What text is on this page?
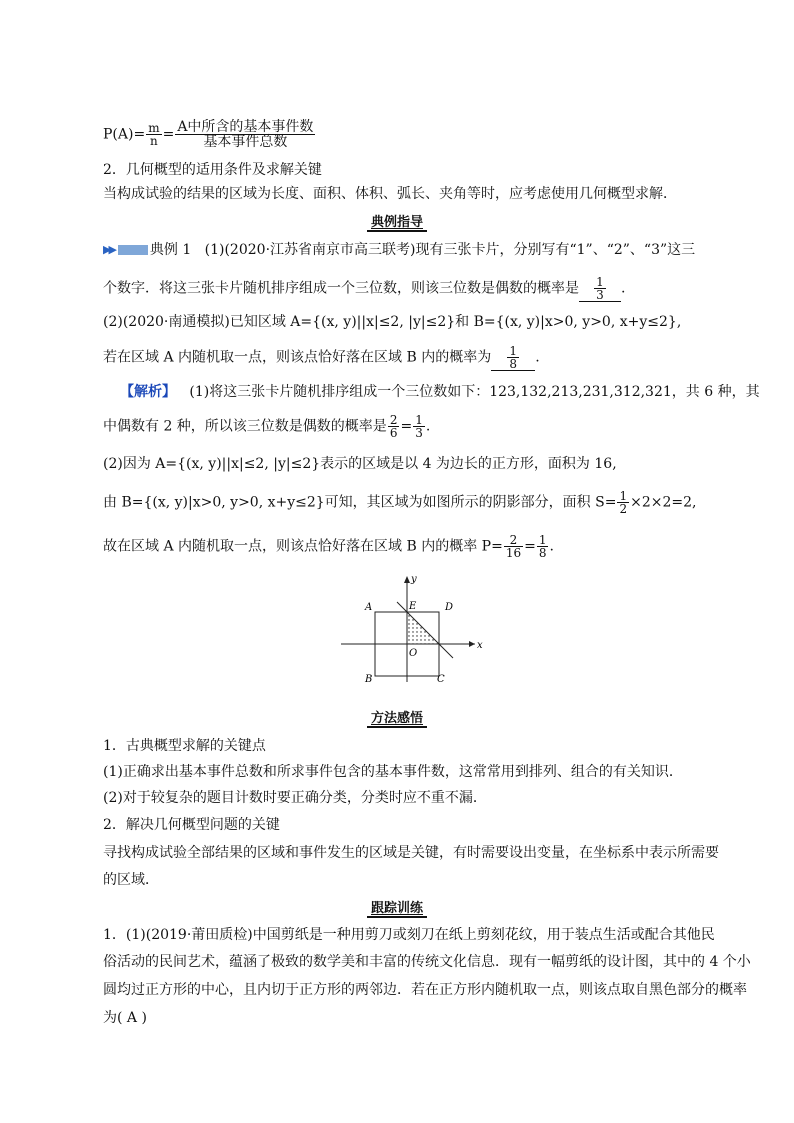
$P(A)= \frac{m}{n} = \frac{\text{A中所含的基本事件数}}{\text{基本事件总数}}$
2．几何概型的适用条件及求解关键
当构成试验的结果的区域为长度、面积、体积、弧长、夹角等时，应考虑使用几何概型求解．
典例指导
▶▶	典例 1 (1)(2020·江苏省南京市高三联考)现有三张卡片，分别写有“1”、“2”、“3”这三
个数字．将这三张卡片随机排序组成一个三位数，则该三位数是偶数的概率是 $\frac{1}{3}$ .
(2)(2020·南通模拟)已知区域 A={(x, y)||x|≤2, |y|≤2}和 B={(x, y)|x>0, y>0, x+y≤2},
若在区域 A 内随机取一点，则该点恰好落在区域 B 内的概率为 $\frac{1}{8}$ .
【解析】 (1)将这三张卡片随机排序组成一个三位数如下：123,132,213,231,312,321，共 6 种，其
中偶数有 2 种，所以该三位数是偶数的概率是 $\frac{2}{6} = \frac{1}{3}$ .
(2)因为 A={(x, y)||x|≤2, |y|≤2}表示的区域是以 4 为边长的正方形，面积为 16,
由 B={(x, y)|x>0, y>0, x+y≤2}可知，其区域为如图所示的阴影部分，面积 $S= \frac{1}{2} \times 2\times 2=2$,
故在区域 A 内随机取一点，则该点恰好落在区域 B 内的概率 $P= \frac{2}{16} = \frac{1}{8}$ .
A	E	D
O
B	C
x
y
方法感悟
1．古典概型求解的关键点
(1)正确求出基本事件总数和所求事件包含的基本事件数，这常常用到排列、组合的有关知识．
(2)对于较复杂的题目计数时要正确分类，分类时应不重不漏．
2．解决几何概型问题的关键
寻找构成试验全部结果的区域和事件发生的区域是关键，有时需要设出变量，在坐标系中表示所需要
的区域．
跟踪训练
1．(1)(2019·莆田质检)中国剪纸是一种用剪刀或刻刀在纸上剪刻花纹，用于装点生活或配合其他民
俗活动的民间艺术，蕴涵了极致的数学美和丰富的传统文化信息．现有一幅剪纸的设计图，其中的 4 个小
圆均过正方形的中心，且内切于正方形的两邻边．若在正方形内随机取一点，则该点取自黑色部分的概率
为( A )
